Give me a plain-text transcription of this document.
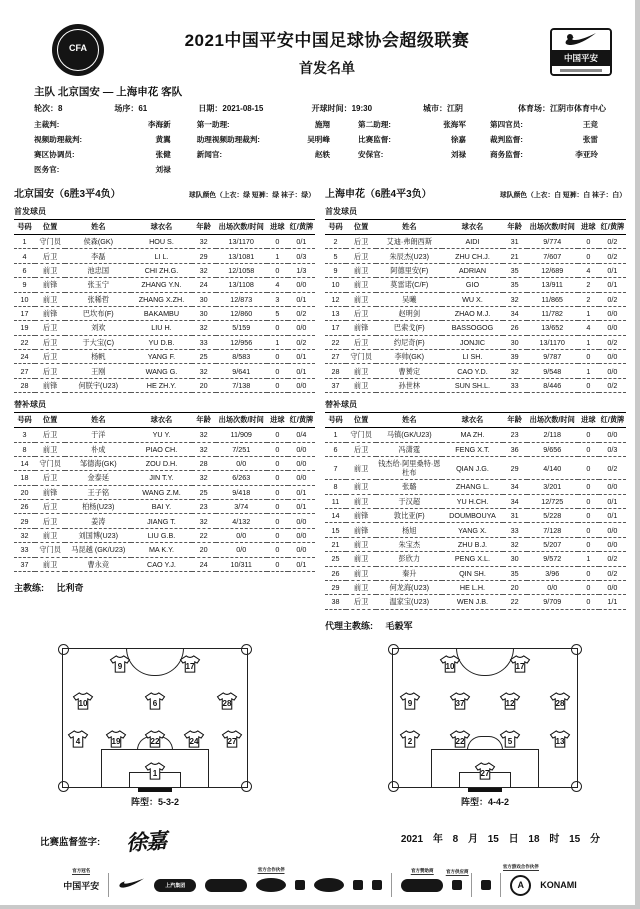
CFA	2021中国平安中国足球协会超级联赛
首发名单
中国平安
主队 北京国安 — 上海申花 客队
轮次：8	场序：61	日期：2021-08-15	开球时间：19:30	城市：江阴	体育场：江阴市体育中心
主裁判:	李海新
视频助理裁判:	黄翼
赛区协调员:	张健
医务官:	刘禄
第一助理:	施翔
助理视频助理裁判:	吴明峰
新闻官:	赵轶
第二助理:	张海军
比赛监督:	徐嘉
安保官:	刘禄
第四官员:	王竞
裁判监督:	张雷
商务监督:	李亚玲
北京国安（6胜3平4负）	球队颜色（上衣：绿 短裤：绿 袜子：绿）
首发球员
号码	位置	姓名	球衣名	年龄	出场次数/时间	进球	红/黄牌
1	守门员	侯森(GK)	HOU S.	32	13/1170	0	0/1
4	后卫	李磊	LI L.	29	13/1081	1	0/3
6	前卫	池忠国	CHI ZH.G.	32	12/1058	0	1/3
9	前锋	张玉宁	ZHANG Y.N.	24	13/1108	4	0/0
10	前卫	张稀哲	ZHANG X.ZH.	30	12/873	3	0/1
17	前锋	巴坎布(F)	BAKAMBU	30	12/860	5	0/2
19	后卫	刘欢	LIU H.	32	5/159	0	0/0
22	后卫	于大宝(C)	YU D.B.	33	12/956	1	0/2
24	后卫	杨帆	YANG F.	25	8/583	0	0/1
27	后卫	王刚	WANG G.	32	9/641	0	0/1
28	前锋	何朕宇(U23)	HE ZH.Y.	20	7/138	0	0/0
替补球员
号码	位置	姓名	球衣名	年龄	出场次数/时间	进球	红/黄牌
3	后卫	于洋	YU Y.	32	11/909	0	0/4
8	前卫	朴成	PIAO CH.	32	7/251	0	0/0
14	守门员	邹德海(GK)	ZOU D.H.	28	0/0	0	0/0
18	后卫	金泰延	JIN T.Y.	32	6/263	0	0/0
20	前锋	王子铭	WANG Z.M.	25	9/418	0	0/1
26	后卫	柏杨(U23)	BAI Y.	23	3/74	0	0/1
29	后卫	姜涛	JIANG T.	32	4/132	0	0/0
32	前卫	刘国博(U23)	LIU G.B.	22	0/0	0	0/0
33	守门员	马昆越 (GK/U23)	MA K.Y.	20	0/0	0	0/0
37	前卫	曹永竞	CAO Y.J.	24	10/311	0	0/1
主教练: 比利奇
上海申花（6胜4平3负）	球队颜色（上衣：白 短裤：白 袜子：白）
首发球员
号码	位置	姓名	球衣名	年龄	出场次数/时间	进球	红/黄牌
2	后卫	艾迪·弗朗西斯	AIDI	31	9/774	0	0/2
5	后卫	朱辰杰(U23)	ZHU CH.J.	21	7/607	0	0/2
9	前卫	阿德里安(F)	ADRIAN	35	12/689	4	0/1
10	前卫	莫雷诺(C/F)	GIO	35	13/911	2	0/1
12	前卫	吴曦	WU X.	32	11/865	2	0/2
13	后卫	赵明剑	ZHAO M.J.	34	11/782	1	0/0
17	前锋	巴索戈(F)	BASSOGOG	26	13/652	4	0/0
22	后卫	约尼奇(F)	JONJIC	30	13/1170	1	0/2
27	守门员	李帅(GK)	LI SH.	39	9/787	0	0/0
28	前卫	曹赟定	CAO Y.D.	32	9/548	1	0/0
37	前卫	孙世林	SUN SH.L.	33	8/446	0	0/2
替补球员
号码	位置	姓名	球衣名	年龄	出场次数/时间	进球	红/黄牌
1	守门员	马镇(GK/U23)	MA ZH.	23	2/118	0	0/0
6	后卫	冯潇霆	FENG X.T.	36	9/656	0	0/3
7	前卫	钱杰给·阿里桑特·恩杜布	QIAN J.G.	29	4/140	0	0/2
8	前卫	张璐	ZHANG L.	34	3/201	0	0/0
11	前卫	于汉超	YU H.CH.	34	12/725	0	0/1
14	前锋	敦比亚(F)	DOUMBOUYA	31	5/228	0	0/1
15	前锋	杨旭	YANG X.	33	7/128	0	0/0
21	前卫	朱宝杰	ZHU B.J.	32	5/207	0	0/0
25	前卫	彭欣力	PENG X.L.	30	9/572	1	0/2
26	前卫	秦升	QIN SH.	35	3/96	0	0/2
29	前卫	何龙海(U23)	HE L.H.	20	0/0	0	0/0
38	后卫	温家宝(U23)	WEN J.B.	22	9/709	0	1/1
代理主教练: 毛毅军
9	17
10	6	28
4	19	22	24	27
1
阵型：5-3-2
10	17
9	37	12	28
2	22	5	13
27
阵型：4-4-2
比赛监督签字: 徐嘉	2021 年 8 月 15 日 18 时 15 分
官方冠名
中国平安	上汽集团
官方合作伙伴	官方赞助商	官方供应商
官方游戏合作伙伴
A	KONAMI
